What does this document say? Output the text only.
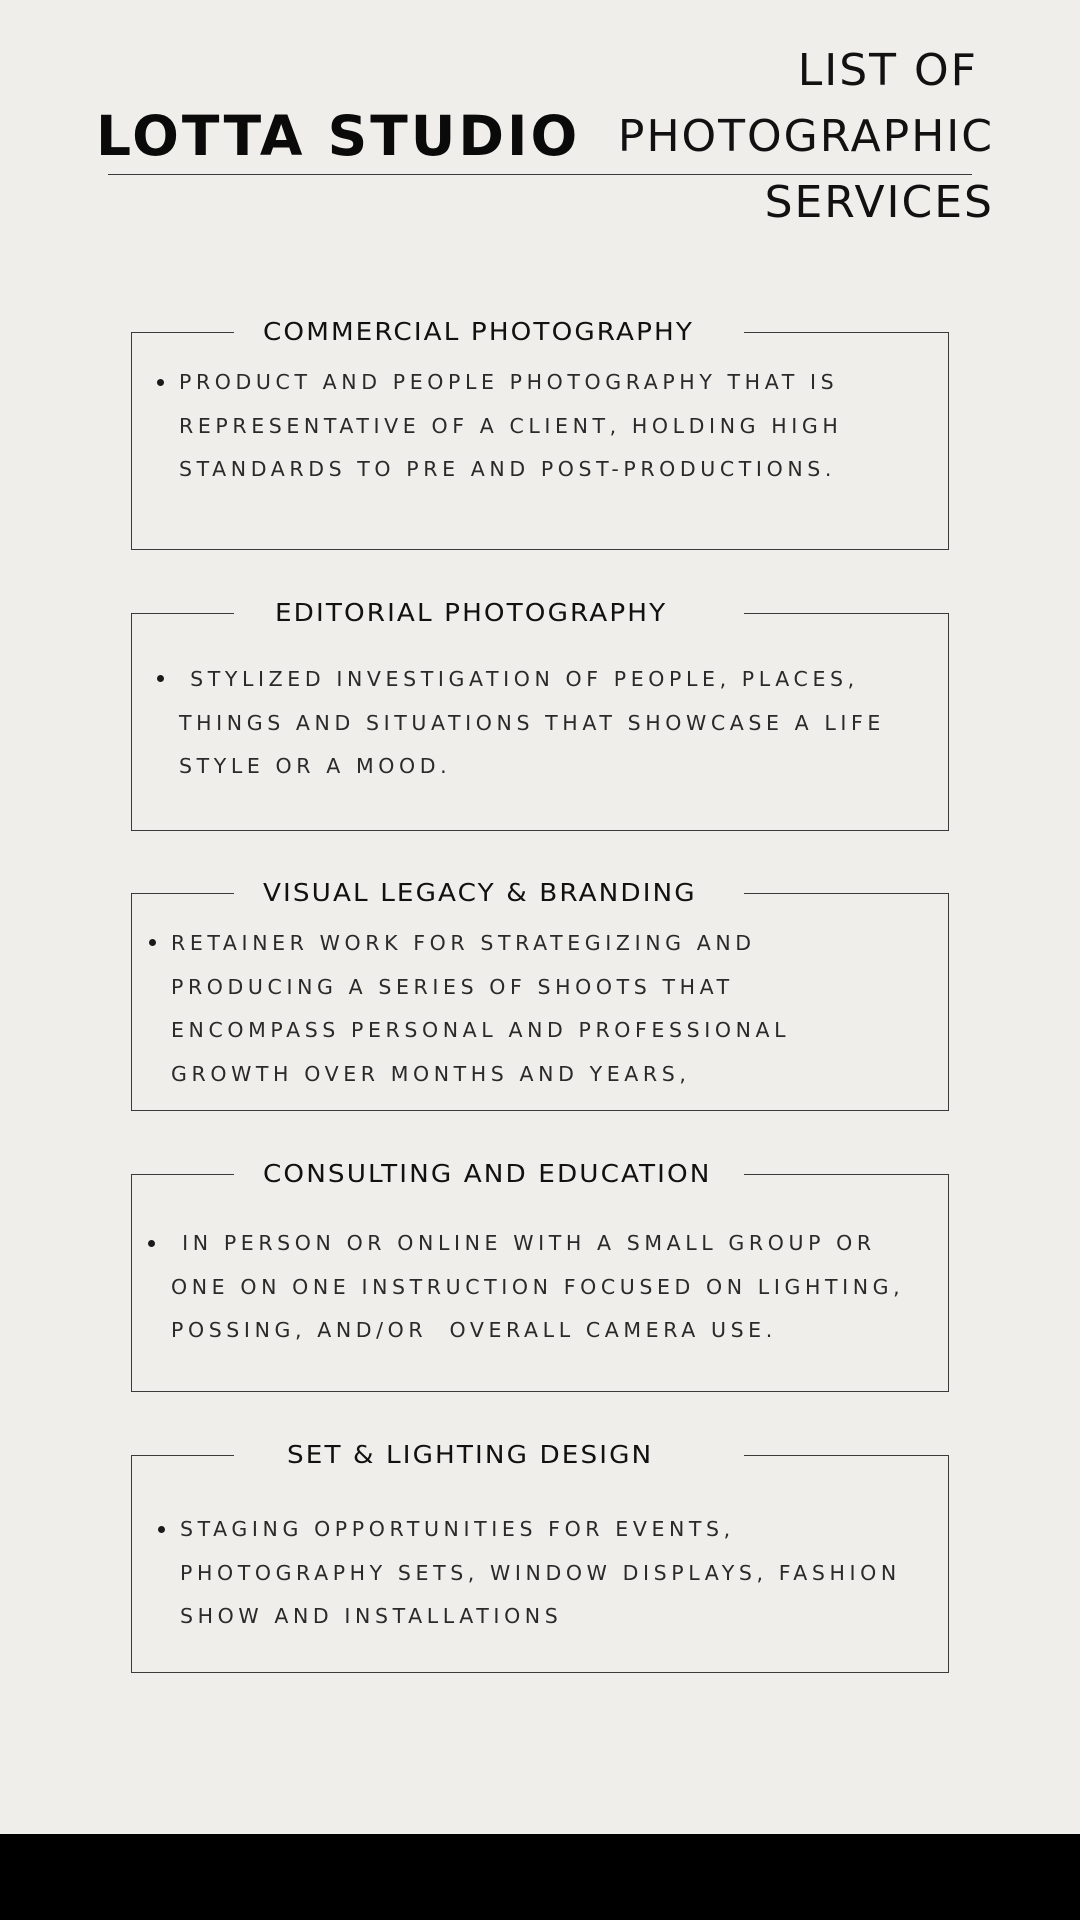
LOTTA STUDIO
LIST OF
PHOTOGRAPHIC
SERVICES
COMMERCIAL PHOTOGRAPHY
PRODUCT AND PEOPLE PHOTOGRAPHY THAT IS
REPRESENTATIVE OF A CLIENT, HOLDING HIGH
STANDARDS TO PRE AND POST-PRODUCTIONS.
EDITORIAL PHOTOGRAPHY
STYLIZED INVESTIGATION OF PEOPLE, PLACES,
THINGS AND SITUATIONS THAT SHOWCASE A LIFE
STYLE OR A MOOD.
VISUAL LEGACY & BRANDING
RETAINER WORK FOR STRATEGIZING AND
PRODUCING A SERIES OF SHOOTS THAT
ENCOMPASS PERSONAL AND PROFESSIONAL
GROWTH OVER MONTHS AND YEARS,
CONSULTING AND EDUCATION
IN PERSON OR ONLINE WITH A SMALL GROUP OR
ONE ON ONE INSTRUCTION FOCUSED ON LIGHTING,
POSSING, AND/OR  OVERALL CAMERA USE.
SET & LIGHTING DESIGN
STAGING OPPORTUNITIES FOR EVENTS,
PHOTOGRAPHY SETS, WINDOW DISPLAYS, FASHION
SHOW AND INSTALLATIONS
